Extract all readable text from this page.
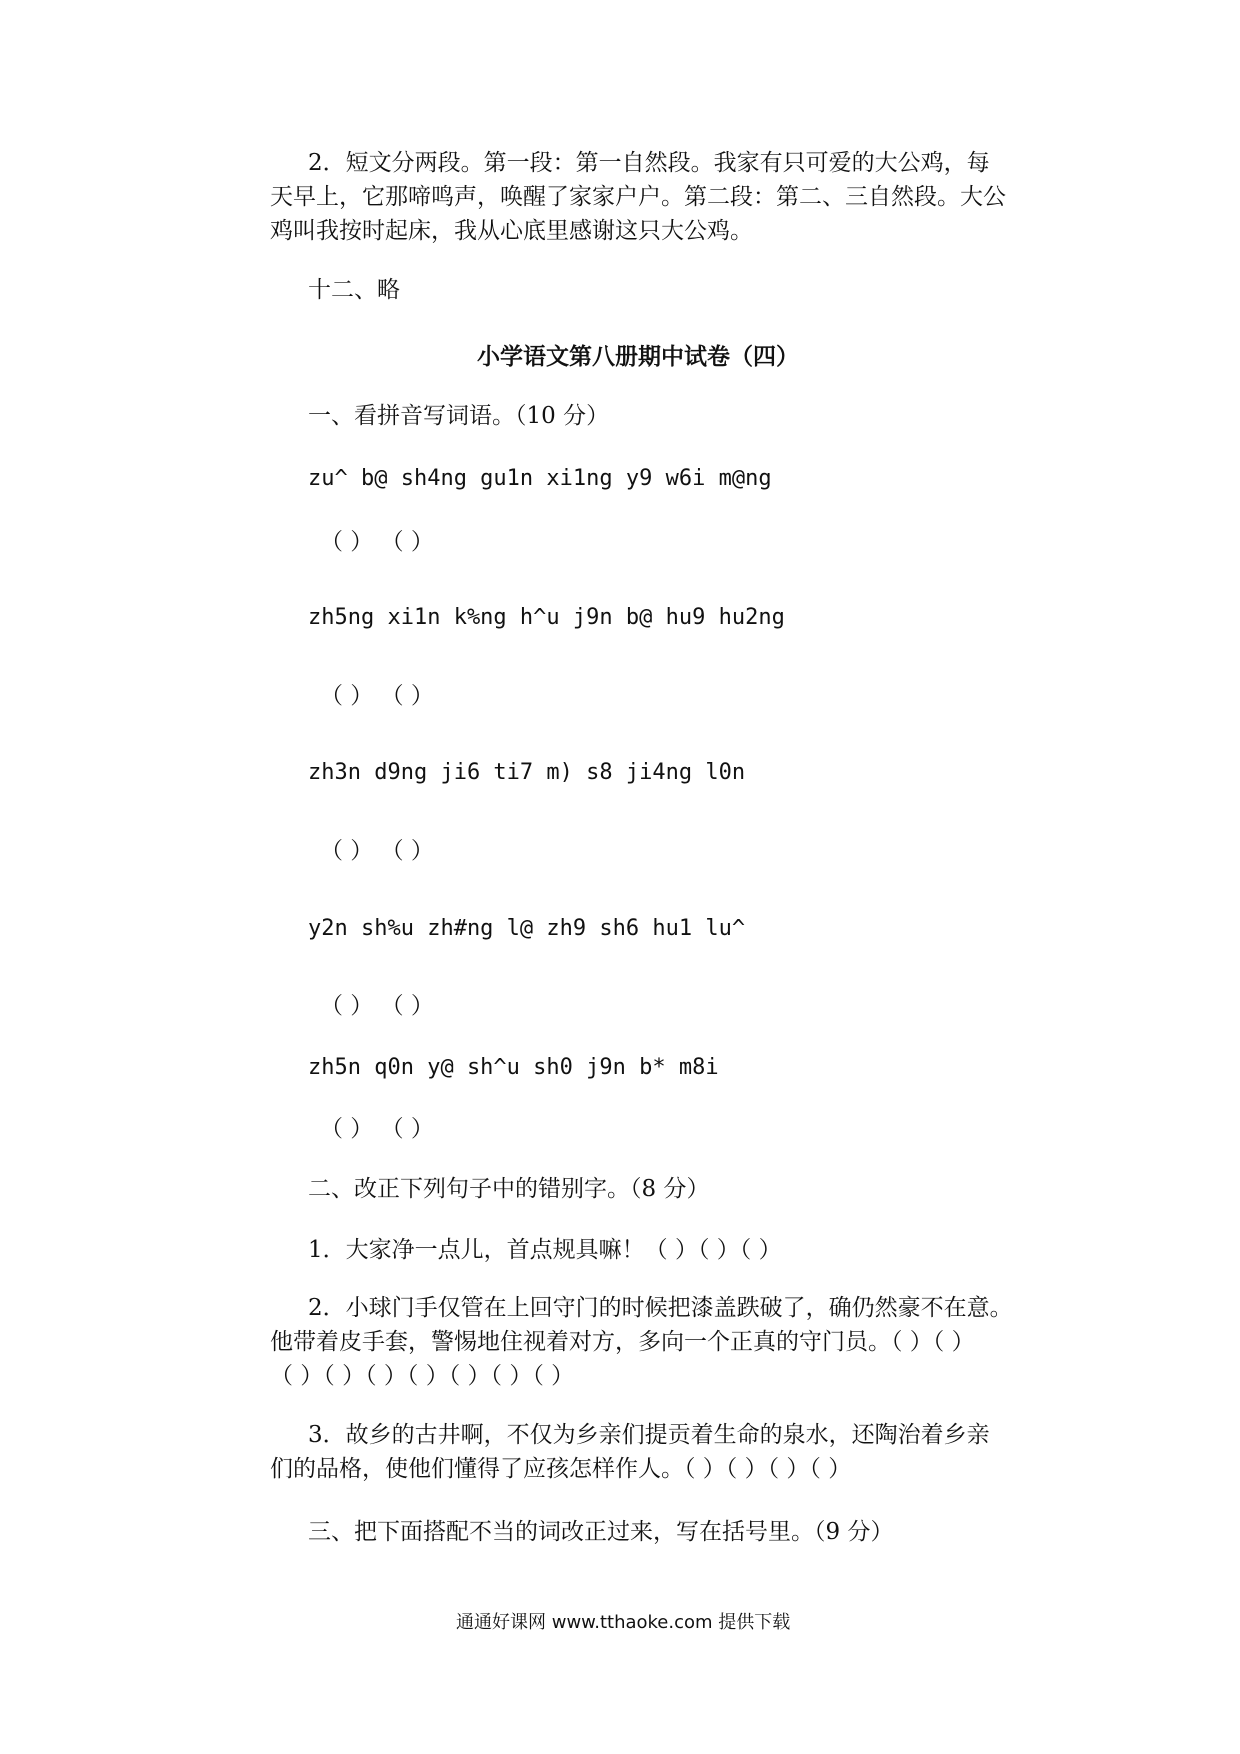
2．短文分两段。第一段：第一自然段。我家有只可爱的大公鸡，每

天早上，它那啼鸣声，唤醒了家家户户。第二段：第二、三自然段。大公

鸡叫我按时起床，我从心底里感谢这只大公鸡。

十二、略

小学语文第八册期中试卷（四）

一、看拼音写词语。（10 分）

zu^ b@ sh4ng gu1n xi1ng y9 w6i m@ng

（ ） （ ）

zh5ng xi1n k%ng h^u j9n b@ hu9 hu2ng

（ ） （ ）

zh3n d9ng ji6 ti7 m) s8 ji4ng l0n

（ ） （ ）

y2n sh%u zh#ng l@ zh9 sh6 hu1 lu^

（ ） （ ）

zh5n q0n y@ sh^u sh0 j9n b* m8i

（ ） （ ）

二、改正下列句子中的错别字。（8 分）

1．大家净一点儿，首点规具嘛！（ ）（ ）（ ）

2．小球门手仅管在上回守门的时候把漆盖跌破了，确仍然豪不在意。

他带着皮手套，警惕地住视着对方，多向一个正真的守门员。（ ）（ ）

（ ）（ ）（ ）（ ）（ ）（ ）（ ）

3．故乡的古井啊，不仅为乡亲们提贡着生命的泉水，还陶治着乡亲

们的品格，使他们懂得了应孩怎样作人。（ ）（ ）（ ）（ ）

三、把下面搭配不当的词改正过来，写在括号里。（9 分）

通通好课网 www.tthaoke.com 提供下载
